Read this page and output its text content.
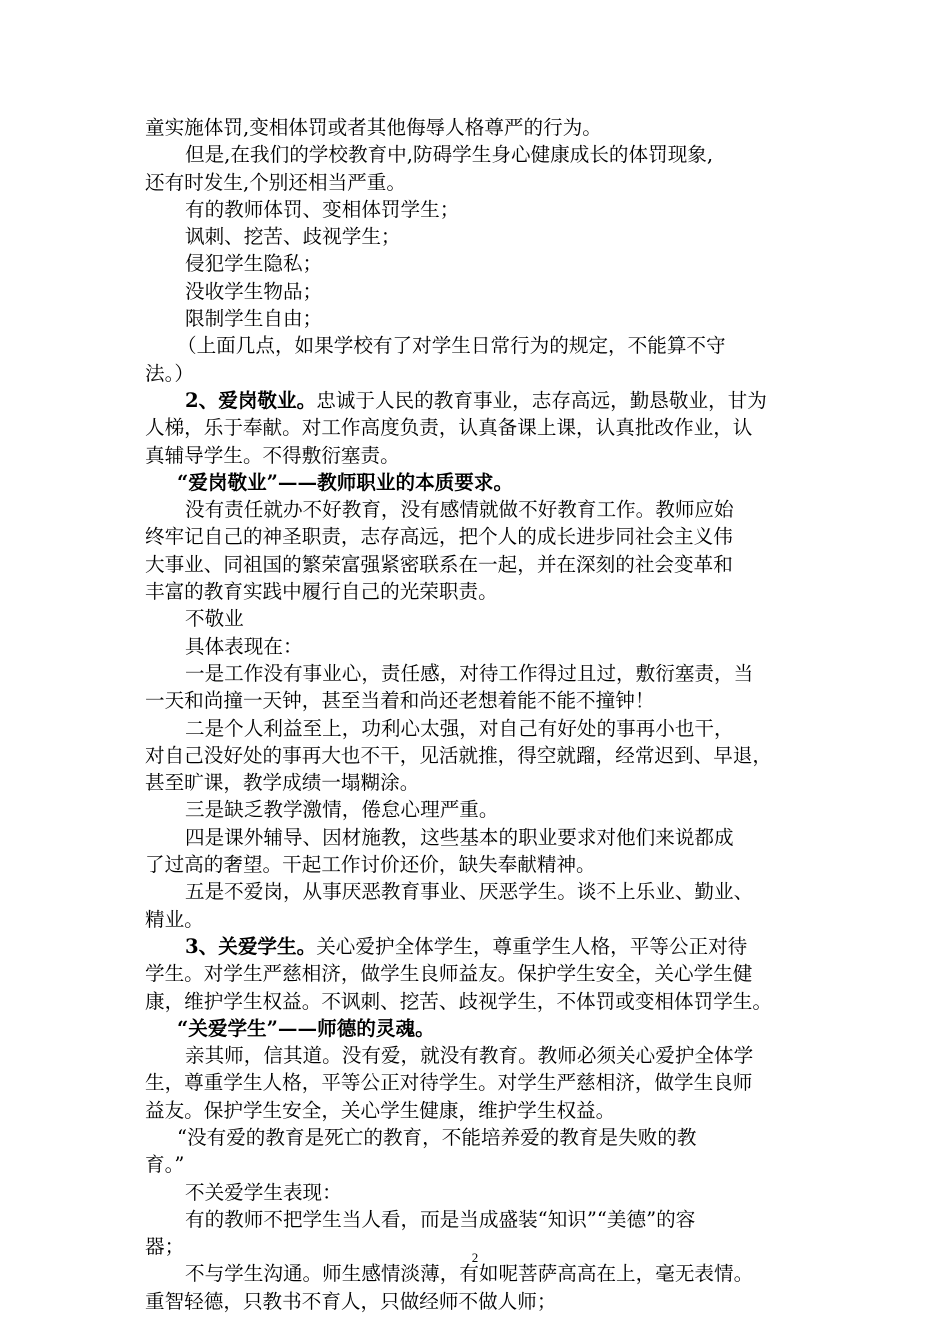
童实施体罚,变相体罚或者其他侮辱人格尊严的行为。
但是,在我们的学校教育中,防碍学生身心健康成长的体罚现象,
还有时发生,个别还相当严重。
有的教师体罚、变相体罚学生；
讽刺、挖苦、歧视学生；
侵犯学生隐私；
没收学生物品；
限制学生自由；
（上面几点，如果学校有了对学生日常行为的规定，不能算不守
法。）
2、爱岗敬业。忠诚于人民的教育事业，志存高远，勤恳敬业，甘为
人梯，乐于奉献。对工作高度负责，认真备课上课，认真批改作业，认
真辅导学生。不得敷衍塞责。
“爱岗敬业”——教师职业的本质要求。
没有责任就办不好教育，没有感情就做不好教育工作。教师应始
终牢记自己的神圣职责，志存高远，把个人的成长进步同社会主义伟
大事业、同祖国的繁荣富强紧密联系在一起，并在深刻的社会变革和
丰富的教育实践中履行自己的光荣职责。
不敬业
具体表现在：
一是工作没有事业心，责任感，对待工作得过且过，敷衍塞责，当
一天和尚撞一天钟，甚至当着和尚还老想着能不能不撞钟！
二是个人利益至上，功利心太强，对自己有好处的事再小也干，
对自己没好处的事再大也不干，见活就推，得空就蹓，经常迟到、早退，
甚至旷课，教学成绩一塌糊涂。
三是缺乏教学激情，倦怠心理严重。
四是课外辅导、因材施教，这些基本的职业要求对他们来说都成
了过高的奢望。干起工作讨价还价，缺失奉献精神。
五是不爱岗，从事厌恶教育事业、厌恶学生。谈不上乐业、勤业、
精业。
3、关爱学生。关心爱护全体学生，尊重学生人格，平等公正对待
学生。对学生严慈相济，做学生良师益友。保护学生安全，关心学生健
康，维护学生权益。不讽刺、挖苦、歧视学生，不体罚或变相体罚学生。
“关爱学生”——师德的灵魂。
亲其师，信其道。没有爱，就没有教育。教师必须关心爱护全体学
生，尊重学生人格，平等公正对待学生。对学生严慈相济，做学生良师
益友。保护学生安全，关心学生健康，维护学生权益。
“没有爱的教育是死亡的教育，不能培养爱的教育是失败的教
育。”
不关爱学生表现：
有的教师不把学生当人看，而是当成盛装“知识”“美德”的容
器；
不与学生沟通。师生感情淡薄，有如呢菩萨高高在上，毫无表情。
重智轻德，只教书不育人，只做经师不做人师；
2
